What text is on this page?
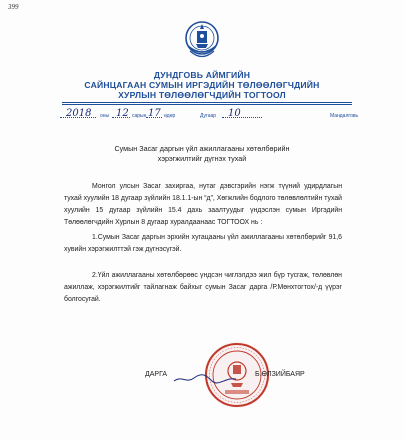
399
ДУНДГОВЬ АЙМГИЙН
САЙНЦАГААН СУМЫН ИРГЭДИЙН ТӨЛӨӨЛӨГЧДИЙН
ХУРЛЫН ТӨЛӨӨЛӨГЧДИЙН ТОГТООЛ
2018 оны 12 сарын 17 өдөр	Дугаар 10	Мандалговь
Сумын Засаг даргын үйл ажиллагааны хөтөлбөрийн
хэрэгжилтийг дүгнэх тухай
Монгол улсын Засаг захиргаа, нутаг дэвсгэрийн нэгж түүний удирдлагын тухай хуулийн 18 дугаар зүйлийн 18.1.1-ын “д”, Хөгжлийн бодлого төлөвлөлтийн тухай хуулийн 15 дугаар зүйлийн 15.4 дахь заалтуудыг үндэслэн сумын Иргэдийн Төлөөлөгчдийн Хурлын 8 дугаар хуралдаанаас ТОГТООХ нь :
1.Сумын Засаг даргын эрхийн хугацааны үйл ажиллагааны хөтөлбөрийг 91,6 хувийн хэрэгжилттэй гэж дүгнэсүгэй.
2.Үйл ажиллагааны хөтөлбөрөөс үндсэн чиглэлдээ жил бүр тусгаж, төлөвлөн ажиллаж, хэрэгжилтийг тайлагнаж байхыг сумын Засаг дарга /Р.Мөнхтогтох/-д үүрэг болгосугай.
ДАРГА	Б.ӨЛЗИЙБАЯР
